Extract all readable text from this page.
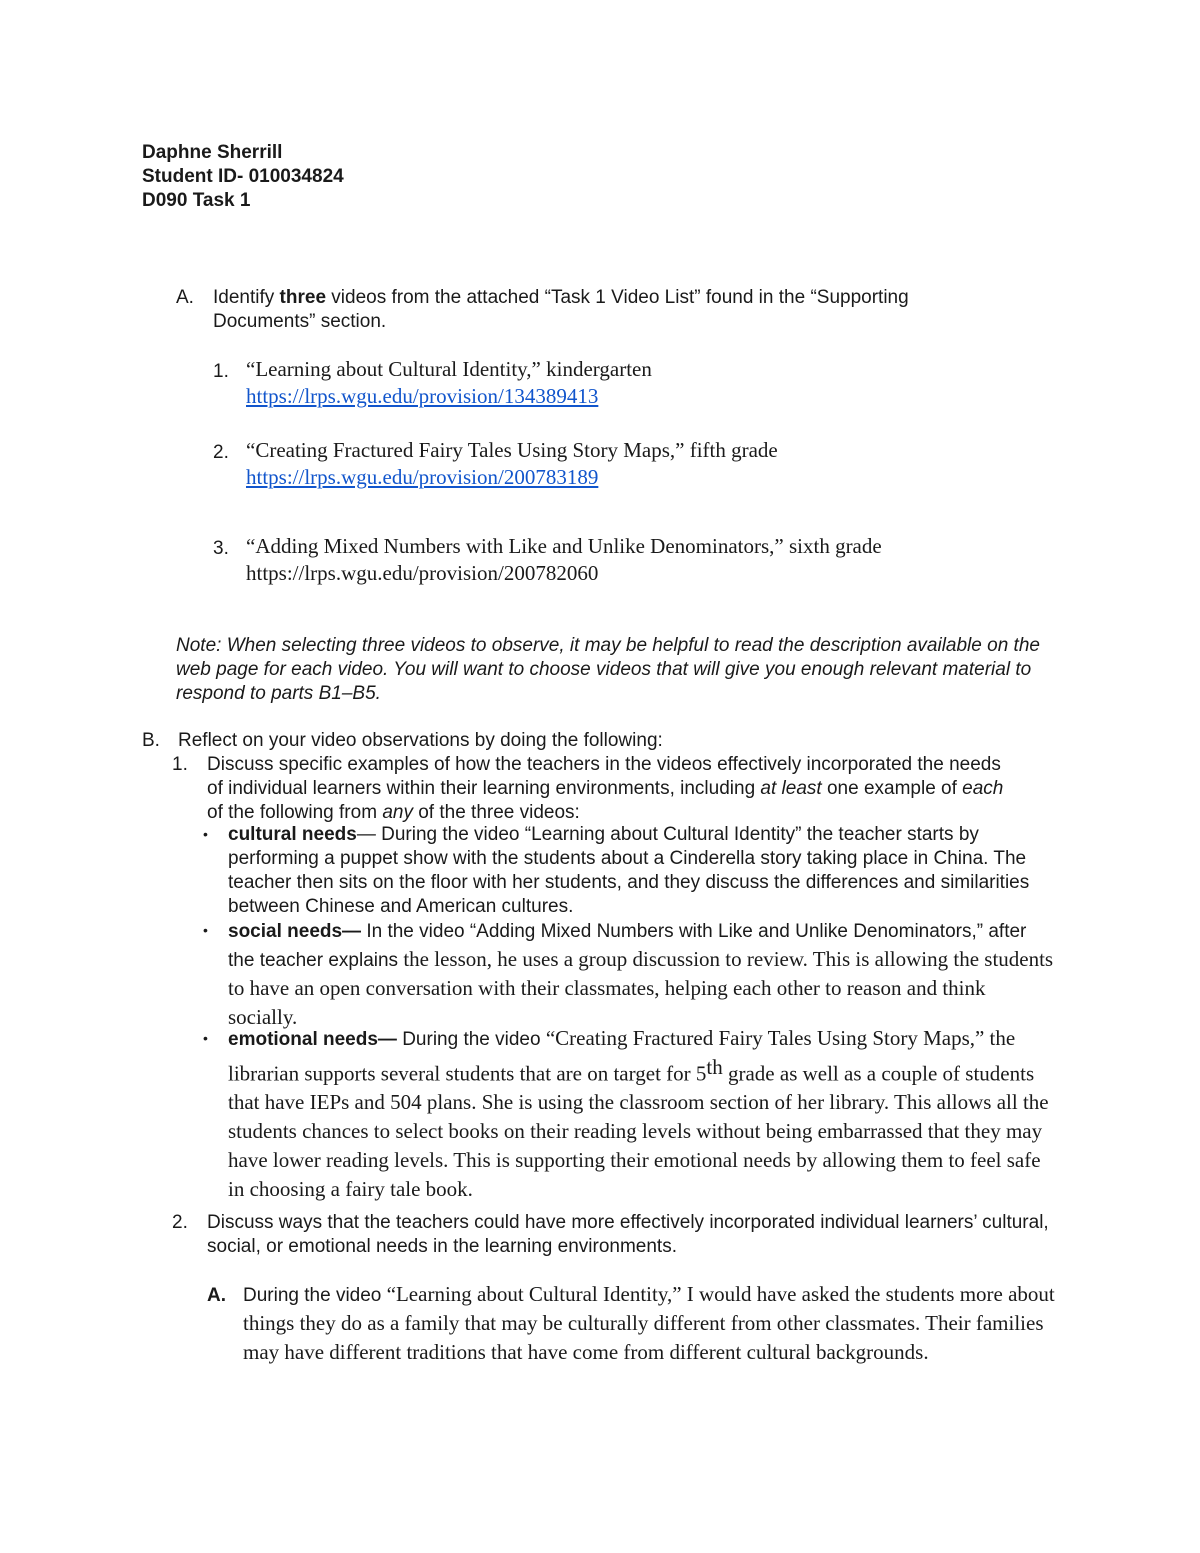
Daphne Sherrill
Student ID- 010034824
D090 Task 1
A. Identify three videos from the attached “Task 1 Video List” found in the “Supporting Documents” section.
1. “Learning about Cultural Identity,” kindergarten
https://lrps.wgu.edu/provision/134389413
2. “Creating Fractured Fairy Tales Using Story Maps,” fifth grade
https://lrps.wgu.edu/provision/200783189
3. “Adding Mixed Numbers with Like and Unlike Denominators,” sixth grade
https://lrps.wgu.edu/provision/200782060
Note: When selecting three videos to observe, it may be helpful to read the description available on the web page for each video. You will want to choose videos that will give you enough relevant material to respond to parts B1–B5.
B. Reflect on your video observations by doing the following:
1. Discuss specific examples of how the teachers in the videos effectively incorporated the needs of individual learners within their learning environments, including at least one example of each of the following from any of the three videos:
• cultural needs— During the video “Learning about Cultural Identity” the teacher starts by performing a puppet show with the students about a Cinderella story taking place in China. The teacher then sits on the floor with her students, and they discuss the differences and similarities between Chinese and American cultures.
• social needs— In the video “Adding Mixed Numbers with Like and Unlike Denominators,” after the teacher explains the lesson, he uses a group discussion to review. This is allowing the students to have an open conversation with their classmates, helping each other to reason and think socially.
• emotional needs— During the video “Creating Fractured Fairy Tales Using Story Maps,” the librarian supports several students that are on target for 5th grade as well as a couple of students that have IEPs and 504 plans. She is using the classroom section of her library. This allows all the students chances to select books on their reading levels without being embarrassed that they may have lower reading levels. This is supporting their emotional needs by allowing them to feel safe in choosing a fairy tale book.
2. Discuss ways that the teachers could have more effectively incorporated individual learners’ cultural, social, or emotional needs in the learning environments.
A. During the video “Learning about Cultural Identity,” I would have asked the students more about things they do as a family that may be culturally different from other classmates. Their families may have different traditions that have come from different cultural backgrounds.
